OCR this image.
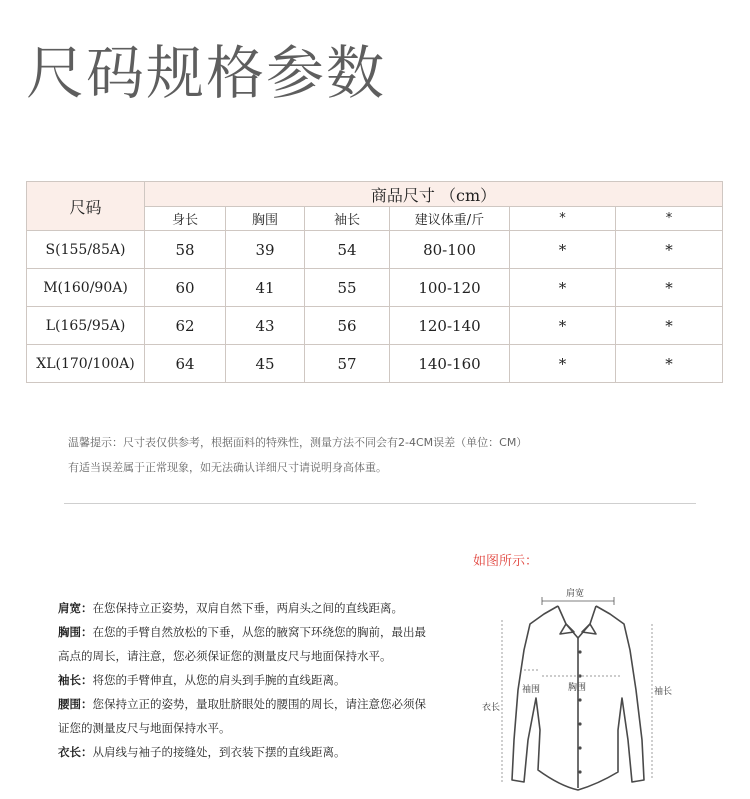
尺码规格参数
尺码	商品尺寸 （cm）					
	身长	胸围	袖长	建议体重/斤	*	*
S(155/85A)	58	39	54	80-100	*	*
M(160/90A)	60	41	55	100-120	*	*
L(165/95A)	62	43	56	120-140	*	*
XL(170/100A)	64	45	57	140-160	*	*
温馨提示：尺寸表仅供参考，根据面料的特殊性，测量方法不同会有2-4CM误差（单位：CM）
有适当误差属于正常现象，如无法确认详细尺寸请说明身高体重。
如图所示：

肩宽：在您保持立正姿势，双肩自然下垂，两肩头之间的直线距离。

胸围：在您的手臂自然放松的下垂，从您的腋窝下环绕您的胸前，最出最

高点的周长，请注意，您必须保证您的测量皮尺与地面保持水平。

袖长：将您的手臂伸直，从您的肩头到手腕的直线距离。

腰围：您保持立正的姿势，量取肚脐眼处的腰围的周长，请注意您必须保

证您的测量皮尺与地面保持水平。

衣长：从肩线与袖子的接缝处，到衣装下摆的直线距离。

肩宽
袖围	胸围	袖长
衣长
